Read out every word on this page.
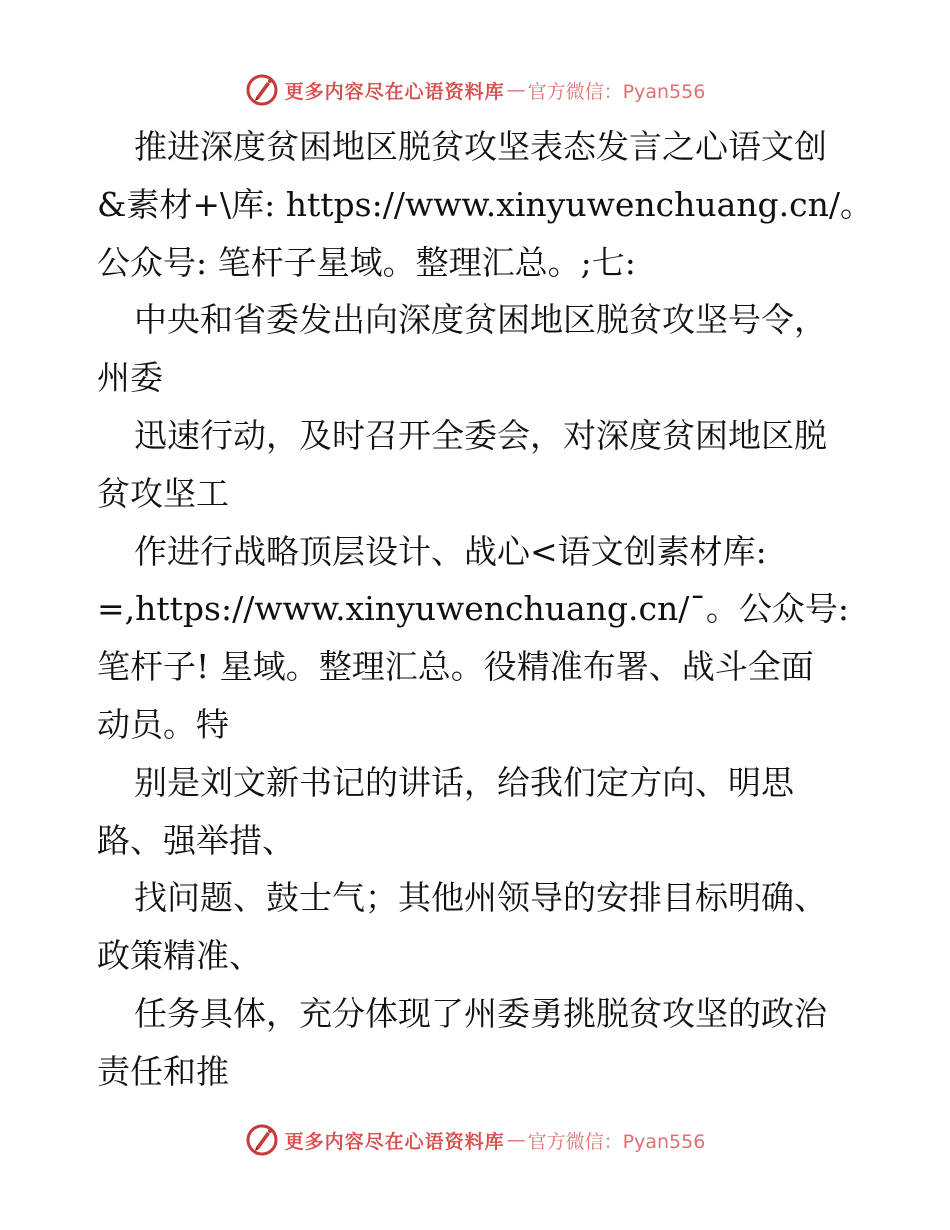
更多内容尽在心语资料库 — 官方微信：Pyan556
推进深度贫困地区脱贫攻坚表态发言之心语文创
&素材+\库: https://www.xinyuwenchuang.cn/。
公众号: 笔杆子星域。整理汇总。;七:
中央和省委发出向深度贫困地区脱贫攻坚号令，
州委
迅速行动，及时召开全委会，对深度贫困地区脱
贫攻坚工
作进行战略顶层设计、战心<语文创素材库:
=,https://www.xinyuwenchuang.cn/¯。公众号:
笔杆子! 星域。整理汇总。役精准布署、战斗全面
动员。特
别是刘文新书记的讲话，给我们定方向、明思
路、强举措、
找问题、鼓士气；其他州领导的安排目标明确、
政策精准、
任务具体，充分体现了州委勇挑脱贫攻坚的政治
责任和推
更多内容尽在心语资料库 — 官方微信：Pyan556
